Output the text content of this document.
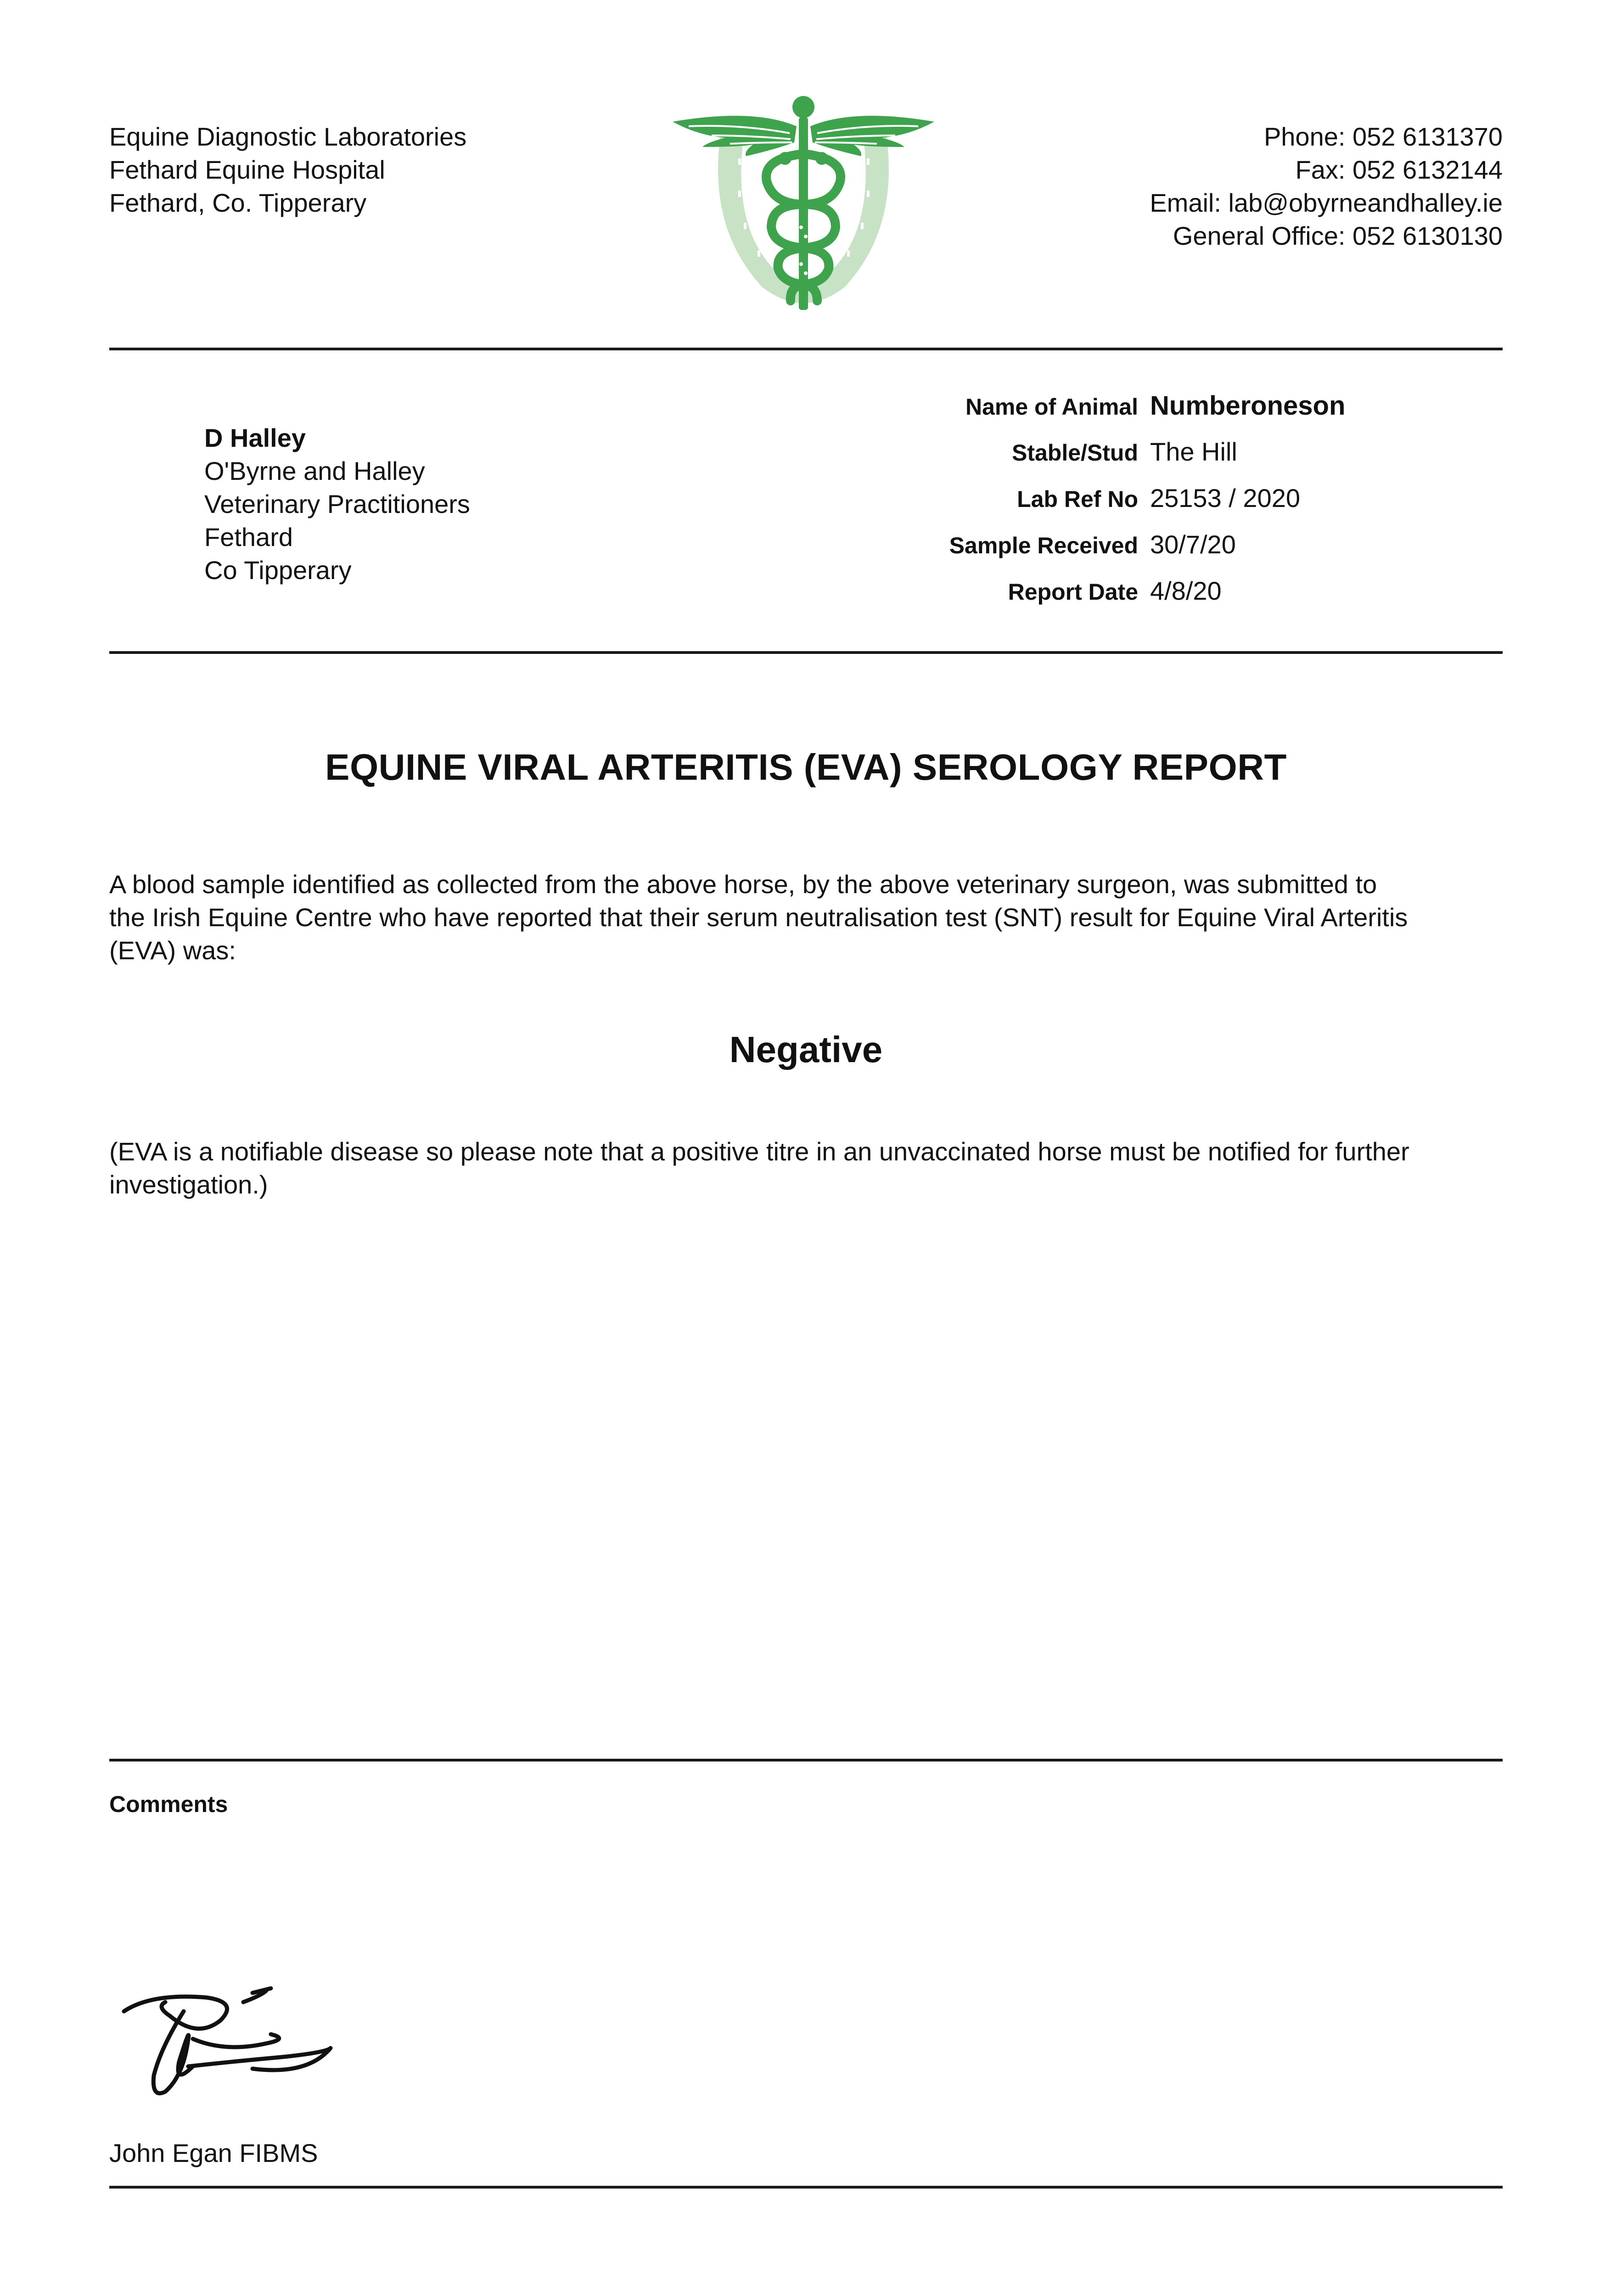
Equine Diagnostic Laboratories
Fethard Equine Hospital
Fethard, Co. Tipperary
Phone: 052 6131370
Fax: 052 6132144
Email: lab@obyrneandhalley.ie
General Office: 052 6130130
D Halley
O'Byrne and Halley
Veterinary Practitioners
Fethard
Co Tipperary
Name of Animal Numberoneson
Stable/Stud The Hill
Lab Ref No 25153 / 2020
Sample Received 30/7/20
Report Date 4/8/20
EQUINE VIRAL ARTERITIS (EVA) SEROLOGY REPORT
A blood sample identified as collected from the above horse, by the above veterinary surgeon, was submitted to
the Irish Equine Centre who have reported that their serum neutralisation test (SNT) result for Equine Viral Arteritis
(EVA) was:
Negative
(EVA is a notifiable disease so please note that a positive titre in an unvaccinated horse must be notified for further
investigation.)
Comments
John Egan FIBMS
